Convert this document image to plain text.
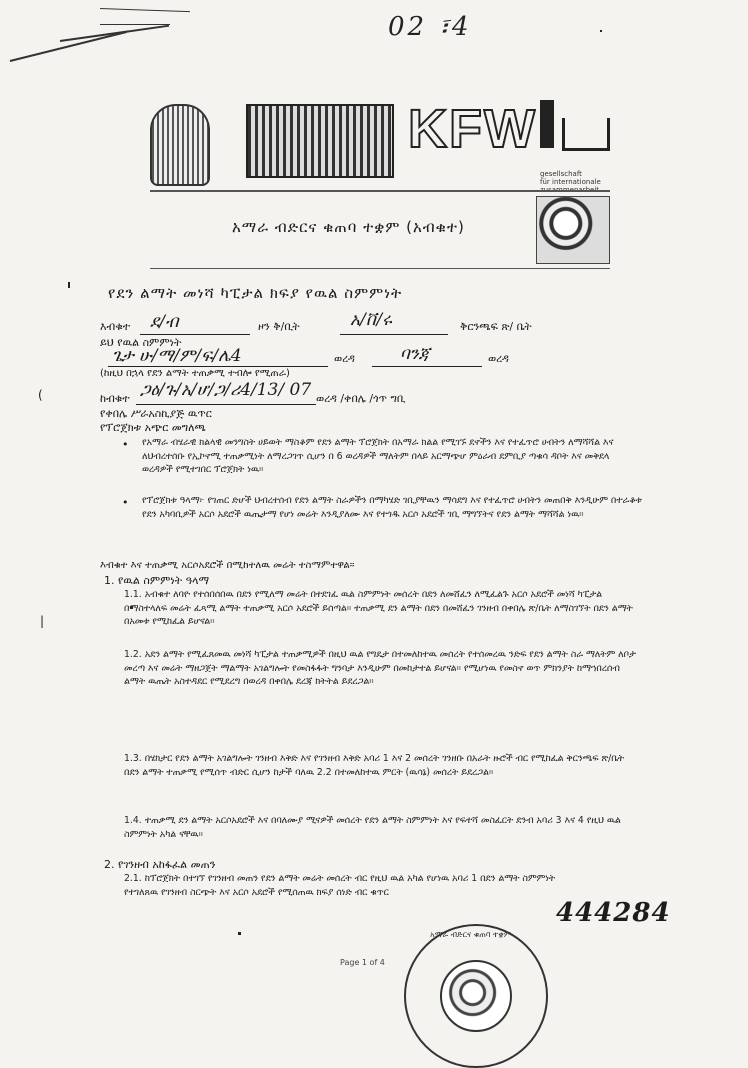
02 ፣4
KFW
gesellschaft
für internationale
አማራ ብድርና ቁጠባ ተቋም (አብቁተ)
የደን ልማት መነሻ ካፒታል ክፍያ የዉል ስምምነት
እብቁተ ደ/ብ	ዞን ቅ/ቢት	አ/ቨ/ሩ	ቅርንጫፍ ጽ/ ቤት
ይህ የዉል ስምምነት
ጌታ ሁ/ማ/ም/ፍ/ሌ4	ወረዳ	ባንጃ	ወረዳ
(ከዚህ በኋላ የደን ልማት ተጠቃሚ ተብሎ የሚጠራ)
(	ከብቁተ ጋዕ/ጉ/አ/ሆ/ጋ/ሪ4/13/ 07 ወረዳ /ቀበሌ /ጎጥ ግቢ
የቀበሌ ሥራአስኪያጅ ዉጥር
የፕሮጀክቱ አጭር መግለጫ
• የአማራ ብሄራዊ ክልላዊ መንግስት ሀይወት ማስቆም የደን ልማት ፕሮጀክት በአማራ ክልል የሚገኙ ደኖችን እና የተፈጥሮ ሀብትን ለማሻሻል እና ለህብረተሰቡ የኢኮኖሚ ተጠቃሚነት ለማረጋገጥ ሲሆን በ 6 ወረዳዎች ማለትም በላይ አርማጭሆ ምዕራብ ደምቢያ ጣቁሳ ዳቦት እና መቅደላ ወረዳዎች የሚተገበር ፕሮጀክት ነዉ።
• የፕሮጀክቱ ዓላማ፦ የገጠር ድሆች ህብረተሰብ የደን ልማት ስራዎችን በማካሄድ ገቢያቸዉን ማሳደግ እና የተፈጥሮ ሀብትን መጠበቅ እንዲሁም በተራቆቱ የደን አካባቢዎች አርሶ አደሮች ዉጤታማ የሆነ መሬት እንዲያለሙ እና የተጎዱ አርሶ አደሮች ገቢ ማግኘትና የደን ልማት ማሻሻል ነዉ።
እብቁተ እና ተጠቃሚ አርሶአደሮች በሚከተለዉ መሬት ተስማምተዋል።
1. የዉል ስምምነት ዓላማ
1.1. አብቁተ ለባዮ የተሰበሰበዉ በደን የሚለማ መሬት በተደገፈ ዉል ስምምነት መሰረት በደን ለመሸፈን ለሚፈልጉ አርሶ አደሮች መነሻ ካፒታል በማስተላለፍ መሬት ፈጻሚ ልማት ተጠቃሚ አርሶ አደሮች ይሰጣል። ተጠቃሚ ደን ልማት በደን በመሸፈን ገንዘብ በቀበሌ ጽ/ቤት ለማስገኘት በደን ልማት በአመቱ የሚከፈል ይሆናል።
|
1.2. አደን ልማት የሚፈጸመዉ መነሻ ካፒታል ተጠቃሚዎች በዚህ ዉል የግዴታ በተመለከተዉ መሰረት የተሰመረዉ ንድፍ የደን ልማት ስራ ማለትም ለቦታ መረጣ እና መሬት ማዘጋጀት ማልማት አገልግሎት የመስፋፋት ግንባታ እንዲሁም በመከታተል ይሆናል። የሚሆነዉ የመስኖ ወጥ ምክንያት ከማኀበረሰብ ልማት ዉጤት አስተዳደር የሚደረግ በወረዳ በቀበሌ ደረጃ ክትትል ይደረጋል።
1.3. በሄክታር የደን ልማት አገልግሎት ገንዘብ እቅድ እና የገንዘብ እቅድ አባሪ 1 እና 2 መሰረት ገንዘቡ በአራት ዙሮች ብር የሚከፈል ቅርንጫፍ ጽ/ቤት በደን ልማት ተጠቃሚ የሚሰጥ ብድር ሲሆን ከታች ባለዉ 2.2 በተመለከተዉ ምርት (ዉሳኔ) መሰረት ይደረጋል።
1.4. ተጠቃሚ ደን ልማት አርሶአደሮች እና በባለሙያ ሚናዎች መሰረት የደን ልማት ስምምነት እና የፍተሻ መስፈርት ደንብ አባሪ 3 እና 4 የዚህ ዉል ስምምነት አካል ናቸዉ።
2. የገንዘብ አከፋፈል መጠን
2.1. ከፕሮጀክት በተገኘ የገንዘብ መጠን የደን ልማት መሬት መሰረት ብር የዚህ ዉል አካል የሆነዉ አባሪ 1 በደን ልማት ስምምነት የተገለጸዉ የገንዘብ ስርጭት እና አርሶ አደሮች የሚሰጠዉ ክፍያ ሰነድ ብር ቁጥር
444284
Page 1 of 4
አማራ ብድርና ቁጠባ ተቋም
